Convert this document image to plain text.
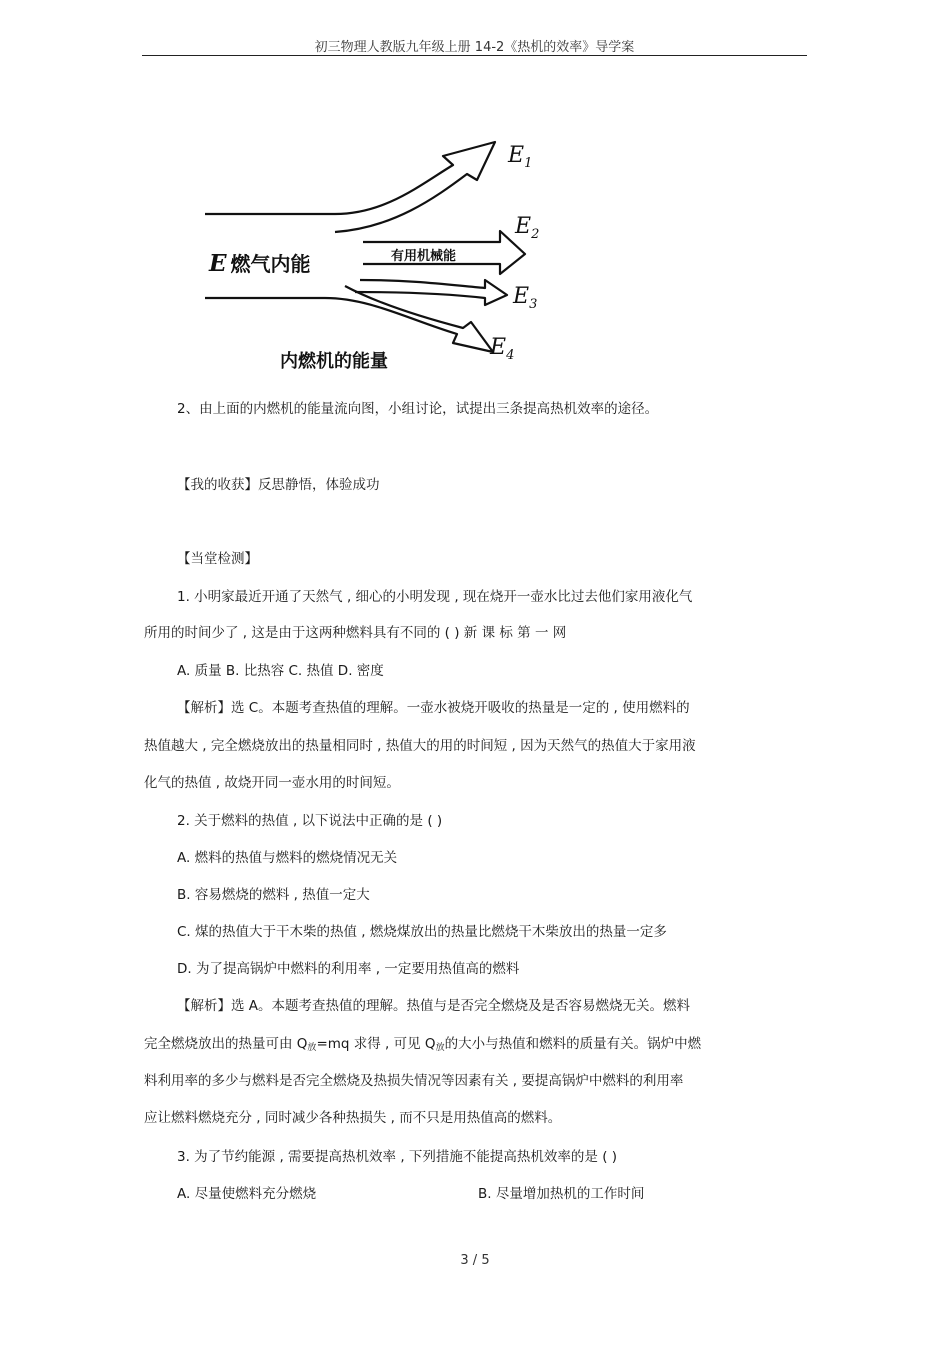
初三物理人教版九年级上册 14-2《热机的效率》导学案
$E_1$
$E_2$
$E_3$
$E_4$
E 燃气内能	有用机械能
内燃机的能量
2、由上面的内燃机的能量流向图，小组讨论，试提出三条提高热机效率的途径。
【我的收获】反思静悟，体验成功
【当堂检测】
1. 小明家最近开通了天然气 , 细心的小明发现 , 现在烧开一壶水比过去他们家用液化气
所用的时间少了 , 这是由于这两种燃料具有不同的 ( ) 新 课 标 第 一 网
A. 质量 B. 比热容 C. 热值 D. 密度
【解析】选 C。本题考查热值的理解。一壶水被烧开吸收的热量是一定的 , 使用燃料的
热值越大 , 完全燃烧放出的热量相同时 , 热值大的用的时间短 , 因为天然气的热值大于家用液
化气的热值 , 故烧开同一壶水用的时间短。
2. 关于燃料的热值 , 以下说法中正确的是 ( )
A. 燃料的热值与燃料的燃烧情况无关
B. 容易燃烧的燃料 , 热值一定大
C. 煤的热值大于干木柴的热值 , 燃烧煤放出的热量比燃烧干木柴放出的热量一定多
D. 为了提高锅炉中燃料的利用率 , 一定要用热值高的燃料
【解析】选 A。本题考查热值的理解。热值与是否完全燃烧及是否容易燃烧无关。燃料
完全燃烧放出的热量可由 $Q_放=mq$ 求得 , 可见 $Q_放$的大小与热值和燃料的质量有关。锅炉中燃
料利用率的多少与燃料是否完全燃烧及热损失情况等因素有关 , 要提高锅炉中燃料的利用率
应让燃料燃烧充分 , 同时减少各种热损失 , 而不只是用热值高的燃料。
3. 为了节约能源 , 需要提高热机效率 , 下列措施不能提高热机效率的是 ( )
A. 尽量使燃料充分燃烧	B. 尽量增加热机的工作时间
3 / 5
